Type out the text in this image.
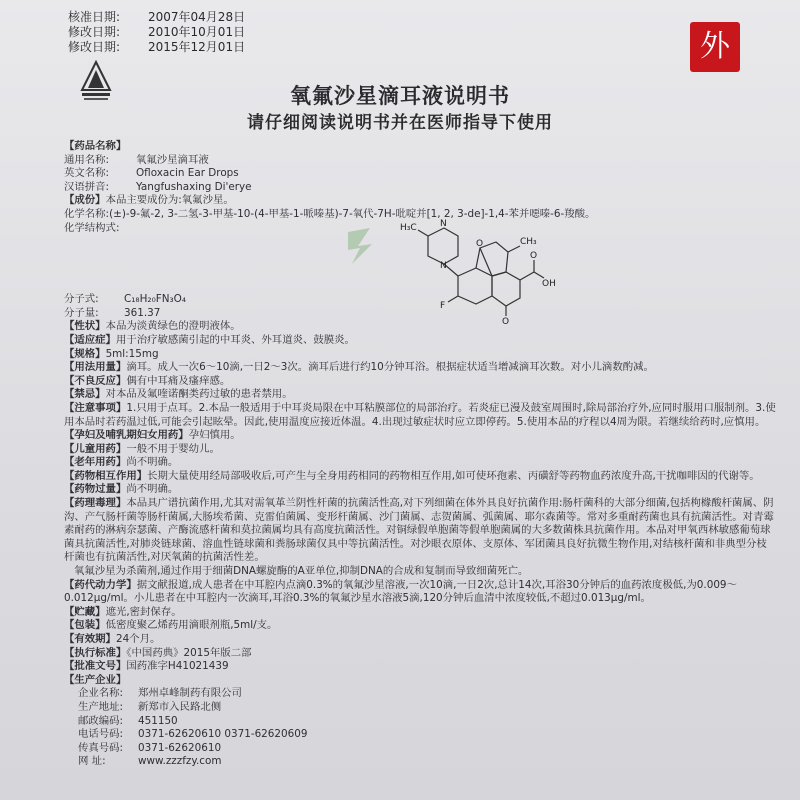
核准日期: 2007年04月28日
修改日期: 2010年10月01日
修改日期: 2015年12月01日	外
氧氟沙星滴耳液说明书
请仔细阅读说明书并在医师指导下使用
H₃C	N
N
O
F
O
O
OH
CH₃

【药品名称】

通用名称:	氧氟沙星滴耳液

英文名称:	Ofloxacin Ear Drops

汉语拼音:	Yangfushaxing Di'erye

【成份】本品主要成份为:氧氟沙星。

化学名称:(±)-9-氟-2, 3-二氢-3-甲基-10-(4-甲基-1-哌嗪基)-7-氧代-7H-吡啶并[1, 2, 3-de]-1,4-苯并噁嗪-6-羧酸。

化学结构式:

分子式: C₁₈H₂₀FN₃O₄

分子量: 361.37

【性状】本品为淡黄绿色的澄明液体。

【适应症】用于治疗敏感菌引起的中耳炎、外耳道炎、鼓膜炎。

【规格】5ml:15mg

【用法用量】滴耳。成人一次6～10滴,一日2～3次。滴耳后进行约10分钟耳浴。根据症状适当增减滴耳次数。对小儿滴数酌减。

【不良反应】偶有中耳痛及瘙痒感。

【禁忌】对本品及氟喹诺酮类药过敏的患者禁用。

【注意事项】1.只用于点耳。2.本品一般适用于中耳炎局限在中耳粘膜部位的局部治疗。若炎症已漫及鼓室周围时,除局部治疗外,应同时服用口服制剂。3.使用本品时若药温过低,可能会引起眩晕。因此,使用温度应接近体温。4.出现过敏症状时应立即停药。5.使用本品的疗程以4周为限。若继续给药时,应慎用。

【孕妇及哺乳期妇女用药】孕妇慎用。

【儿童用药】一般不用于婴幼儿。

【老年用药】尚不明确。

【药物相互作用】长期大量使用经局部吸收后,可产生与全身用药相同的药物相互作用,如可使环孢素、丙磺舒等药物血药浓度升高,干扰咖啡因的代谢等。

【药物过量】尚不明确。

【药理毒理】本品具广谱抗菌作用,尤其对需氧革兰阴性杆菌的抗菌活性高,对下列细菌在体外具良好抗菌作用:肠杆菌科的大部分细菌,包括枸橼酸杆菌属、阴沟、产气肠杆菌等肠杆菌属,大肠埃希菌、克雷伯菌属、变形杆菌属、沙门菌属、志贺菌属、弧菌属、耶尔森菌等。常对多重耐药菌也具有抗菌活性。对青霉素耐药的淋病奈瑟菌、产酶流感杆菌和莫拉菌属均具有高度抗菌活性。对铜绿假单胞菌等假单胞菌属的大多数菌株具抗菌作用。本品对甲氧西林敏感葡萄球菌具抗菌活性,对肺炎链球菌、溶血性链球菌和粪肠球菌仅具中等抗菌活性。对沙眼衣原体、支原体、军团菌具良好抗微生物作用,对结核杆菌和非典型分枝杆菌也有抗菌活性,对厌氧菌的抗菌活性差。

氧氟沙星为杀菌剂,通过作用于细菌DNA螺旋酶的A亚单位,抑制DNA的合成和复制而导致细菌死亡。

【药代动力学】据文献报道,成人患者在中耳腔内点滴0.3%的氧氟沙星溶液,一次10滴,一日2次,总计14次,耳浴30分钟后的血药浓度极低,为0.009～0.012μg/ml。小儿患者在中耳腔内一次滴耳,耳浴0.3%的氧氟沙星水溶液5滴,120分钟后血清中浓度较低,不超过0.013μg/ml。

【贮藏】遮光,密封保存。

【包装】低密度聚乙烯药用滴眼剂瓶,5ml/支。

【有效期】24个月。

【执行标准】《中国药典》2015年版二部

【批准文号】国药准字H41021439

【生产企业】

企业名称: 郑州卓峰制药有限公司

生产地址: 新郑市入民路北侧

邮政编码: 451150

电话号码: 0371-62620610 0371-62620609

传真号码: 0371-62620610

网 址:	www.zzzfzy.com
